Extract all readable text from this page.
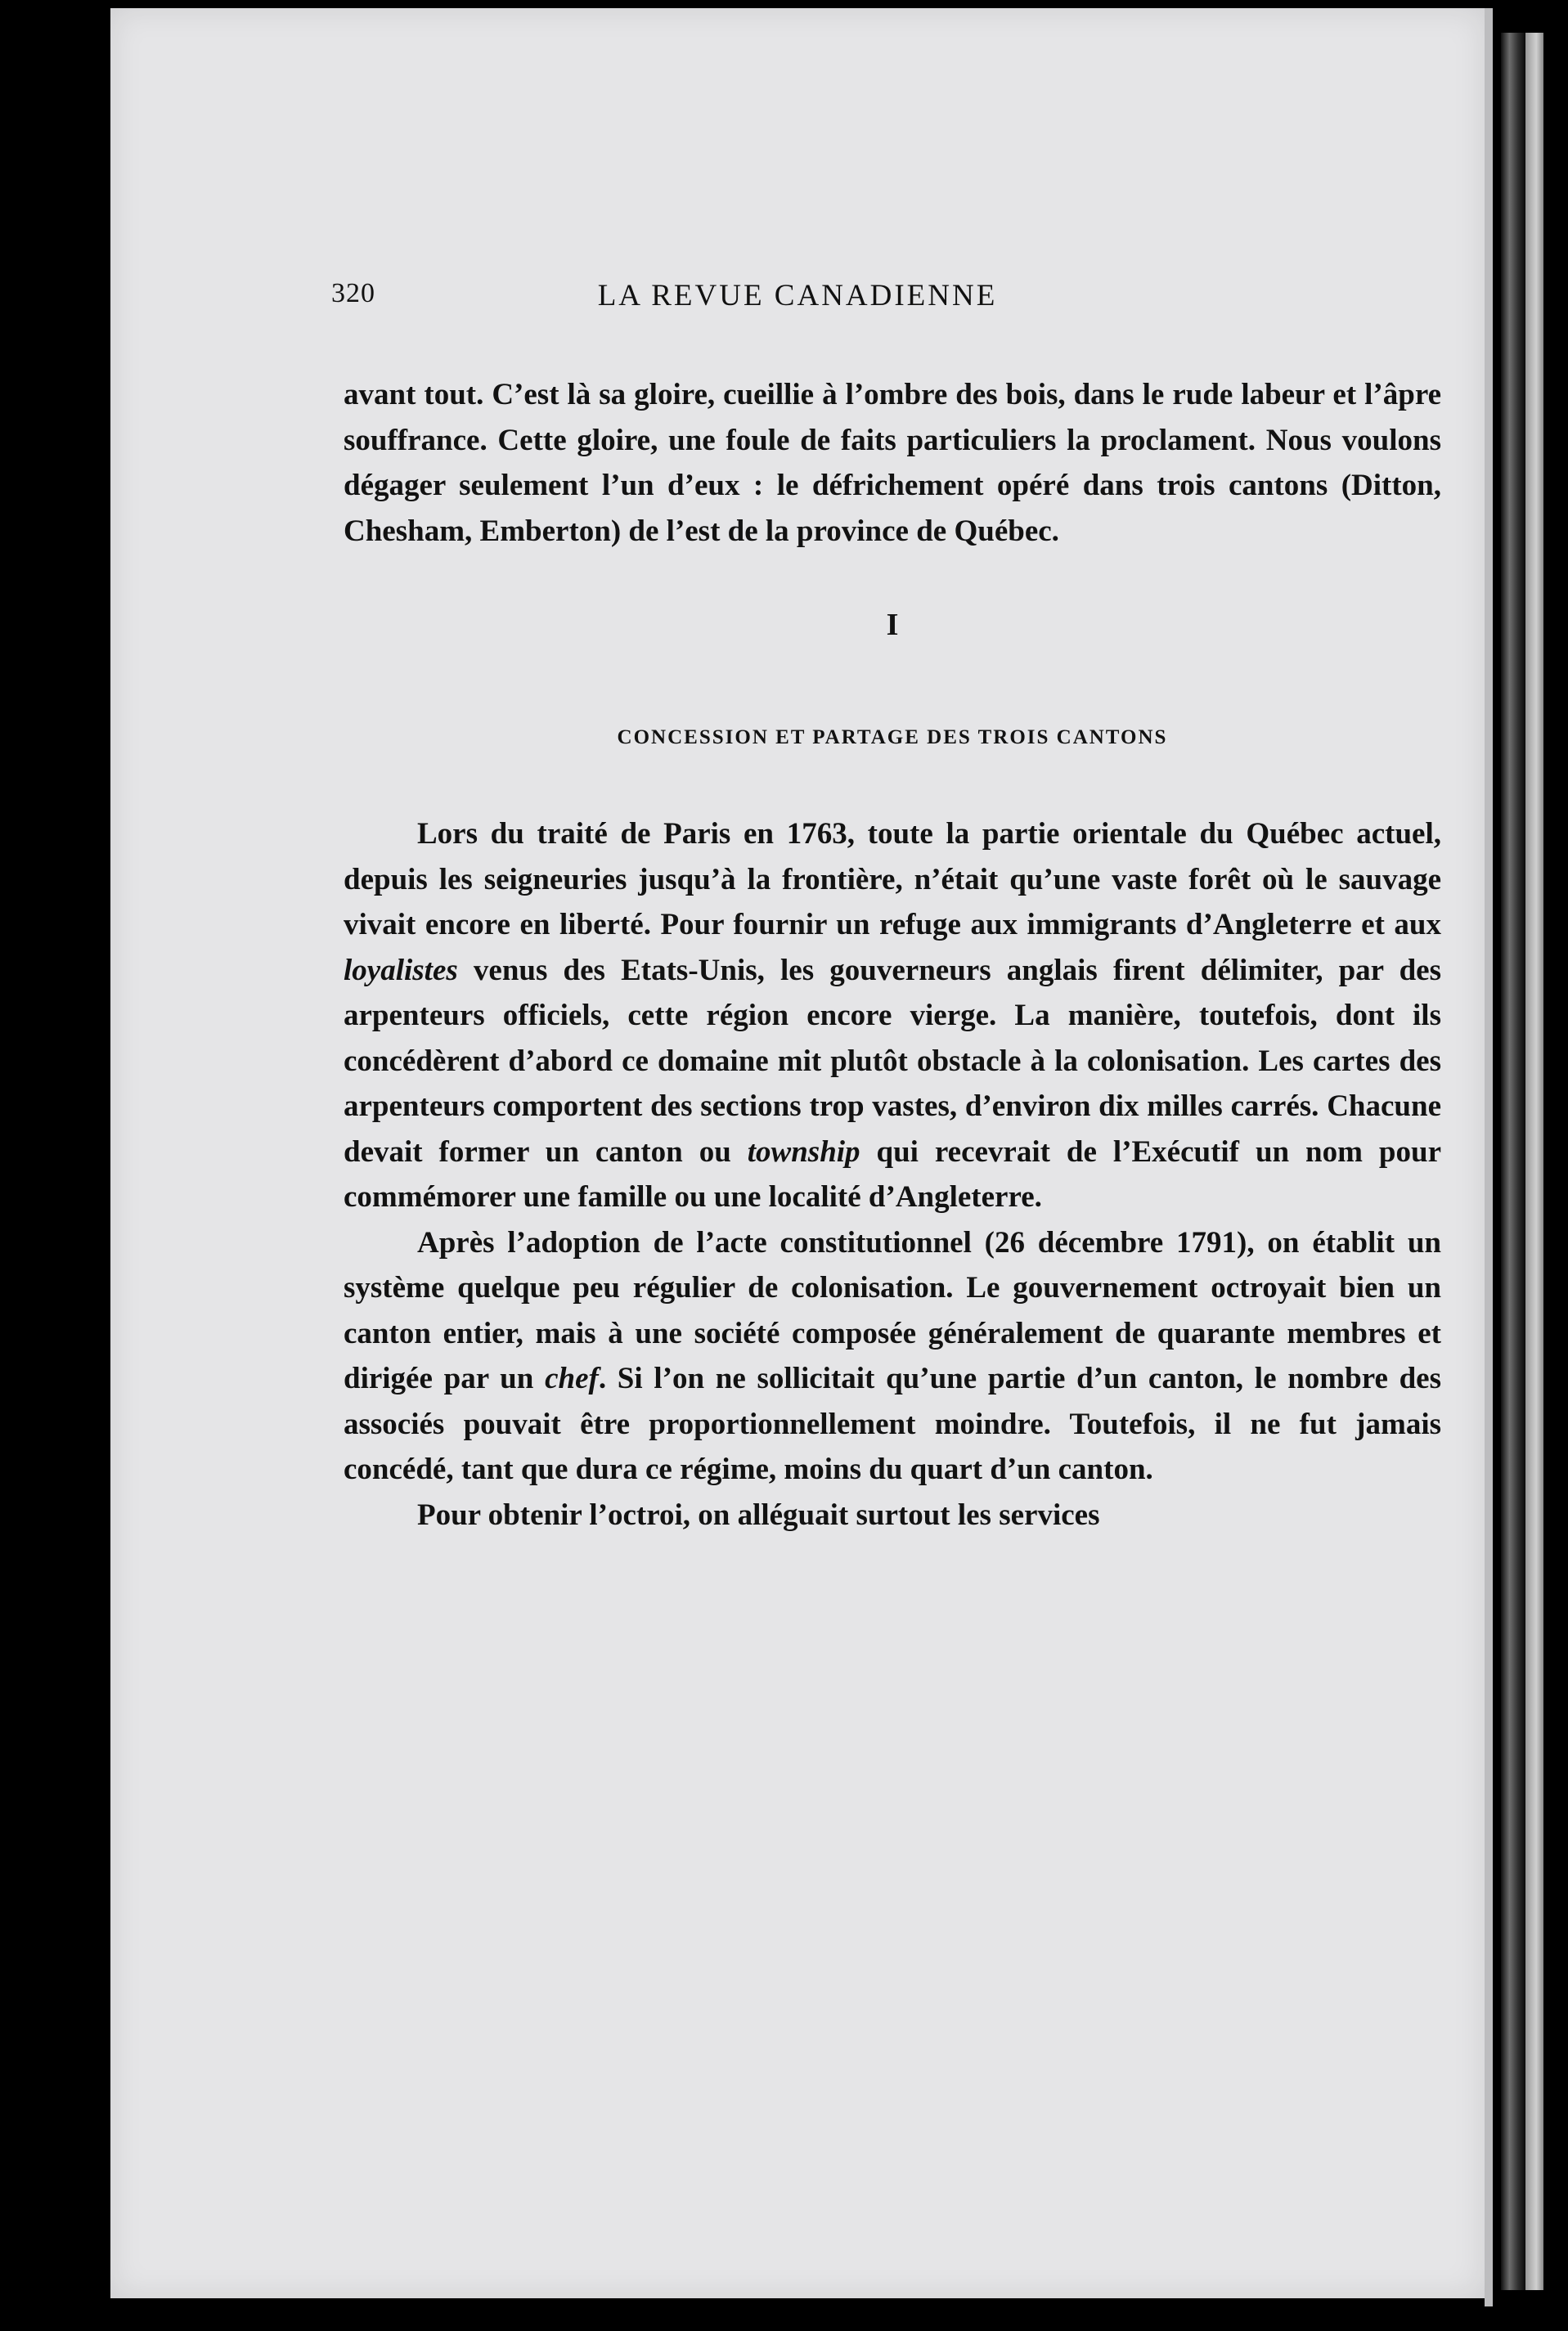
320	LA REVUE CANADIENNE

avant tout. C’est là sa gloire, cueillie à l’ombre des bois, dans le rude labeur et l’âpre souffrance. Cette gloire, une foule de faits particuliers la proclament. Nous voulons dégager seulement l’un d’eux : le défrichement opéré dans trois cantons (Ditton, Chesham, Emberton) de l’est de la province de Québec.

I

CONCESSION ET PARTAGE DES TROIS CANTONS

Lors du traité de Paris en 1763, toute la partie orientale du Québec actuel, depuis les seigneuries jusqu’à la frontière, n’était qu’une vaste forêt où le sauvage vivait encore en liberté. Pour fournir un refuge aux immigrants d’Angleterre et aux loyalistes venus des Etats-Unis, les gouverneurs anglais firent délimiter, par des arpenteurs officiels, cette région encore vierge. La manière, toutefois, dont ils concédèrent d’abord ce domaine mit plutôt obstacle à la colonisation. Les cartes des arpenteurs comportent des sections trop vastes, d’environ dix milles carrés. Chacune devait former un canton ou township qui recevrait de l’Exécutif un nom pour commémorer une famille ou une localité d’Angleterre.

Après l’adoption de l’acte constitutionnel (26 décembre 1791), on établit un système quelque peu régulier de colonisation. Le gouvernement octroyait bien un canton entier, mais à une société composée généralement de quarante membres et dirigée par un chef. Si l’on ne sollicitait qu’une partie d’un canton, le nombre des associés pouvait être proportionnellement moindre. Toutefois, il ne fut jamais concédé, tant que dura ce régime, moins du quart d’un canton.

Pour obtenir l’octroi, on alléguait surtout les services
